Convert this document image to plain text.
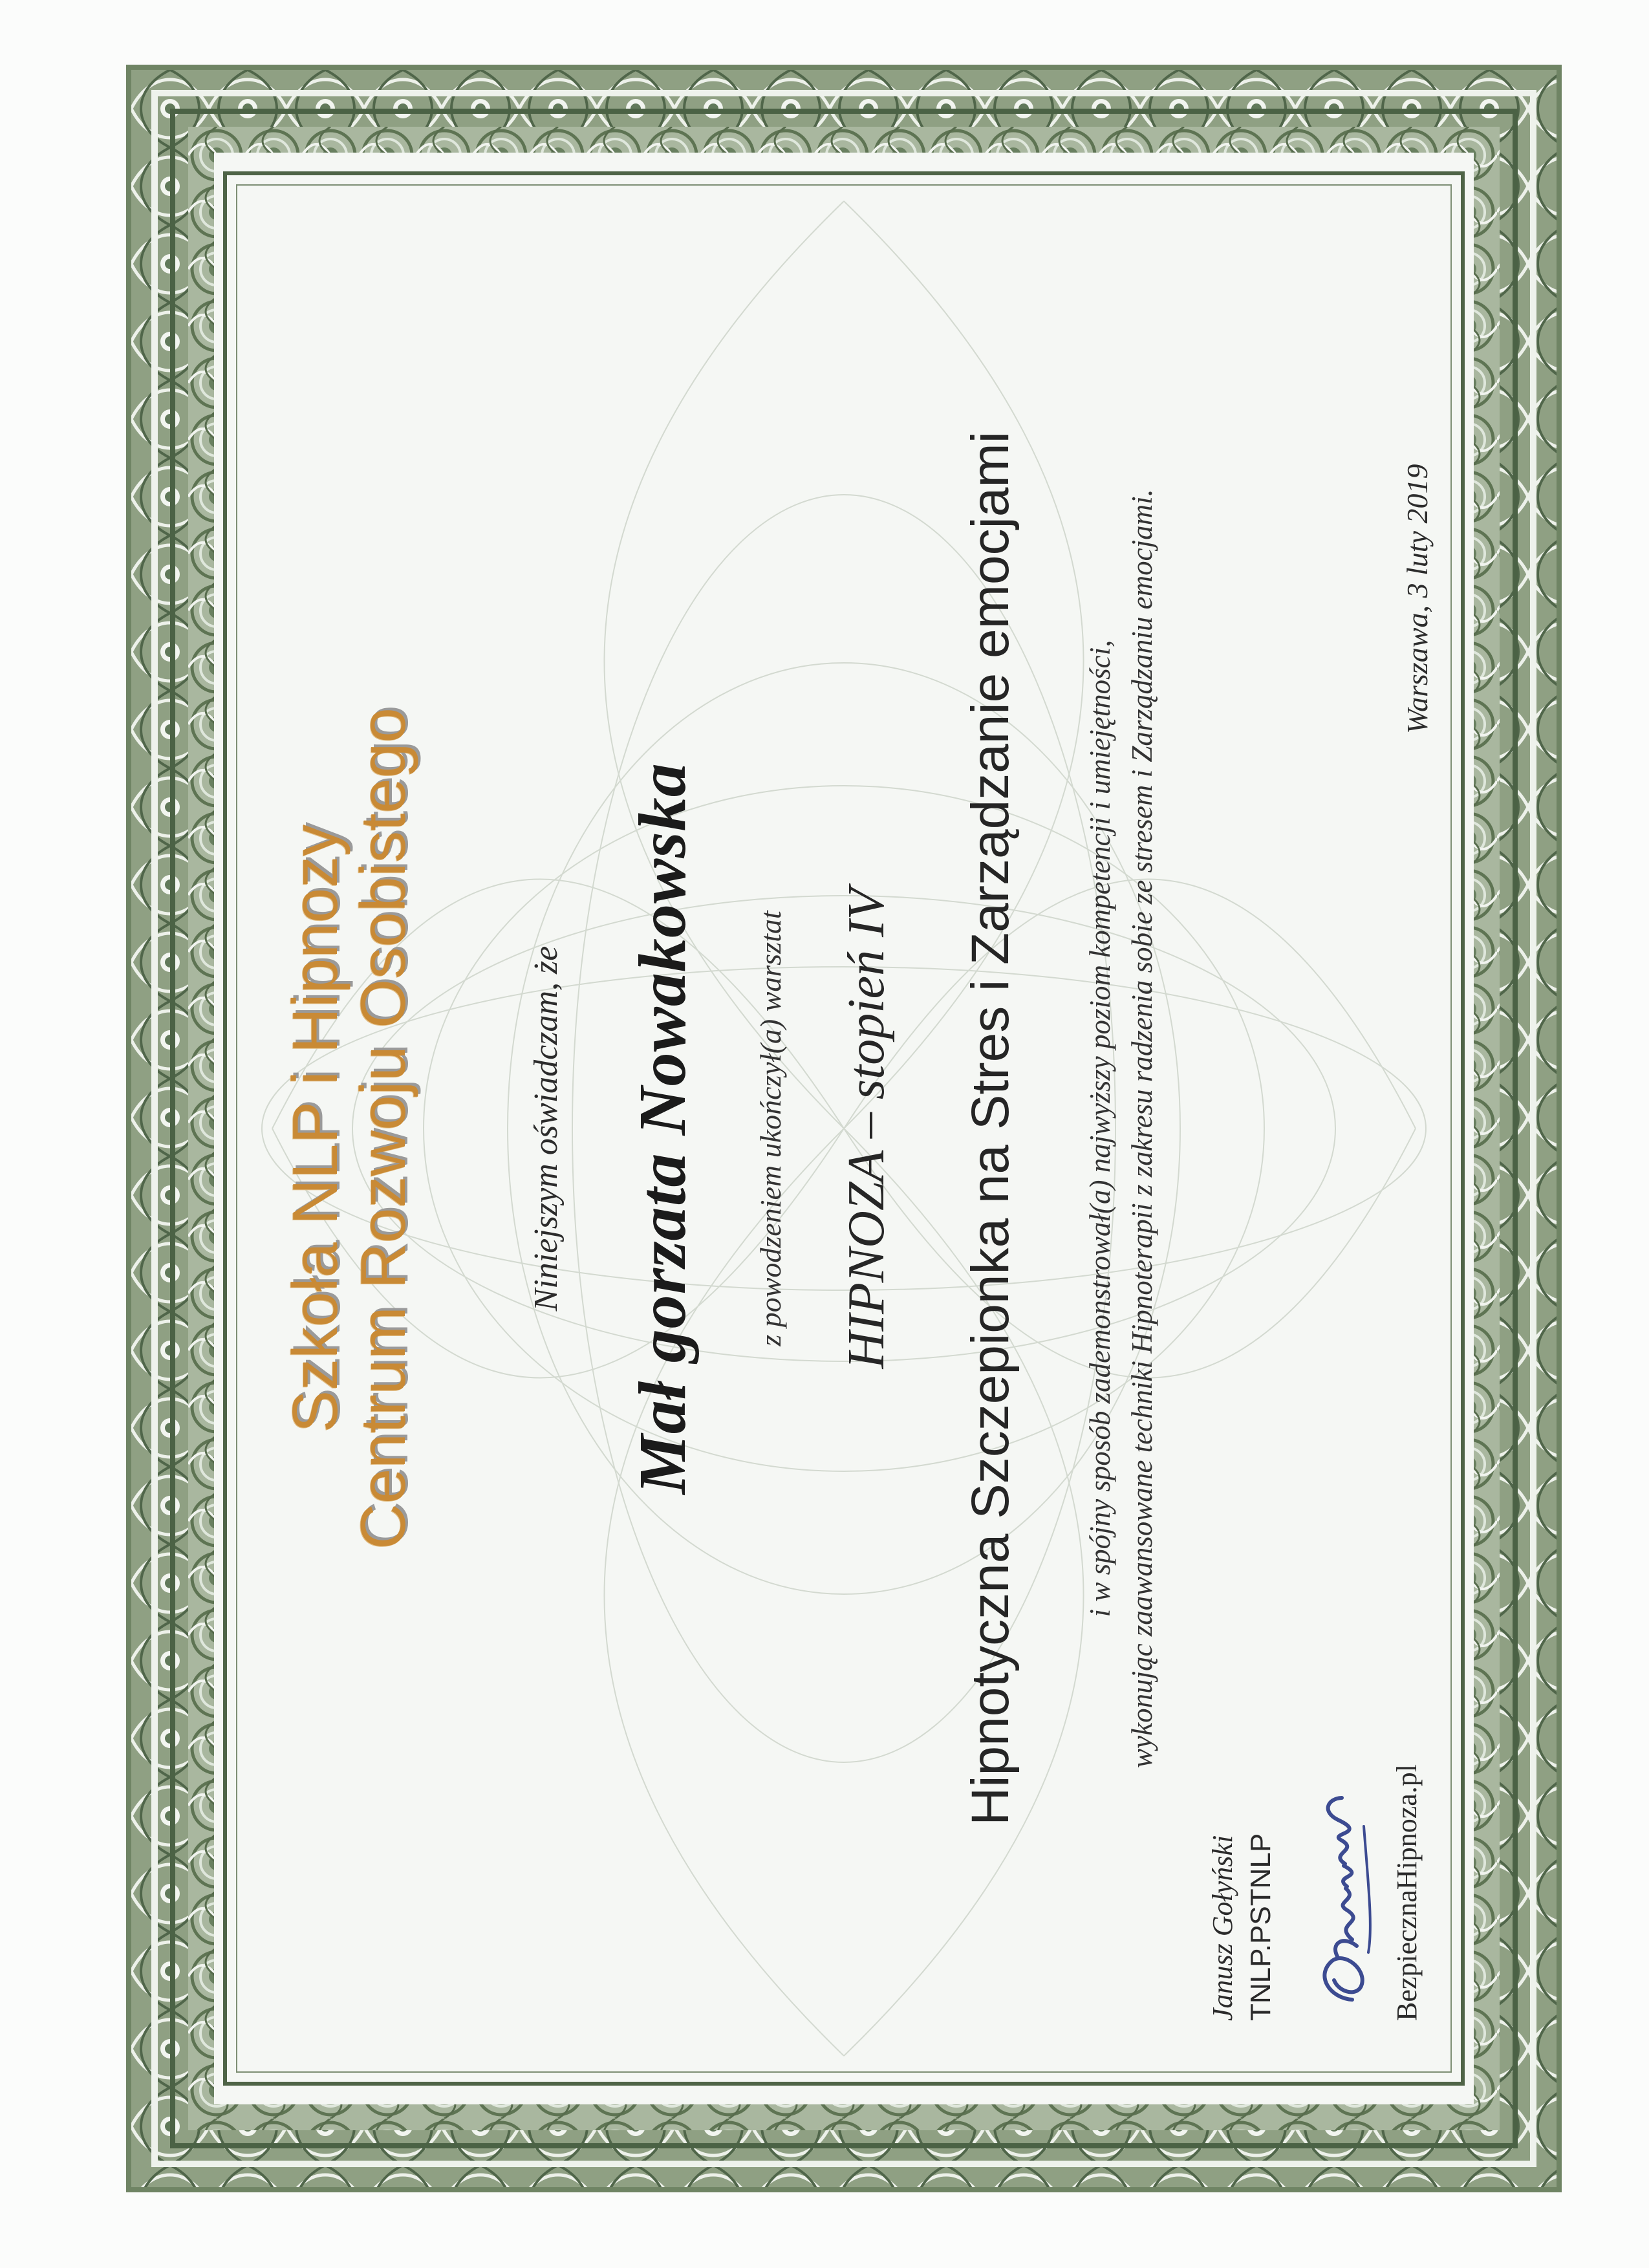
Szkoła NLP i Hipnozy
Centrum Rozwoju Osobistego	Niniejszym oświadczam, że Mał gorzata Nowakowska z powodzeniem ukończył(a) warsztat HIPNOZA – stopień IV Hipnotyczna Szczepionka na Stres i Zarządzanie emocjami i w spójny sposób zademonstrował(a) najwyższy poziom kompetencji i umiejętności, wykonując zaawansowane techniki Hipnoterapii z zakresu radzenia sobie ze stresem i Zarządzaniu emocjami.	Warszawa, 3 luty 2019
Janusz Gołyński TNLP.PSTNLP	BezpiecznaHipnoza.pl
